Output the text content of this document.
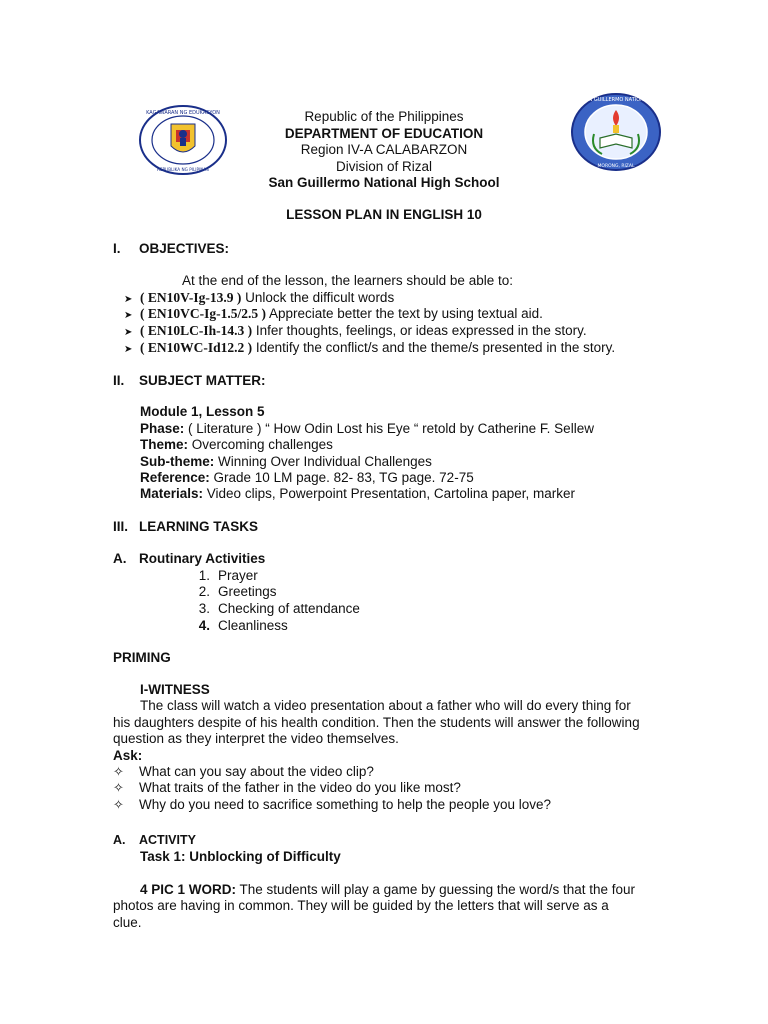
KAGAWARAN NG EDUKASYON
REPUBLIKA NG PILIPINAS
SAN GUILLERMO NATIONAL
MORONG, RIZAL
Republic of the Philippines
DEPARTMENT OF EDUCATION
Region IV-A CALABARZON
Division of Rizal
San Guillermo National High School
LESSON PLAN IN ENGLISH 10
I. OBJECTIVES:
At the end of the lesson, the learners should be able to:
➤ ( EN10V-Ig-13.9 ) Unlock the difficult words
➤ ( EN10VC-Ig-1.5/2.5 ) Appreciate better the text by using textual aid.
➤ ( EN10LC-Ih-14.3 ) Infer thoughts, feelings, or ideas expressed in the story.
➤ ( EN10WC-Id12.2 ) Identify the conflict/s and the theme/s presented in the story.
II. SUBJECT MATTER:
Module 1, Lesson 5
Phase: ( Literature ) “ How Odin Lost his Eye “ retold by Catherine F. Sellew
Theme: Overcoming challenges
Sub-theme: Winning Over Individual Challenges
Reference: Grade 10 LM page. 82- 83, TG page. 72-75
Materials: Video clips, Powerpoint Presentation, Cartolina paper, marker
III. LEARNING TASKS
A. Routinary Activities
1. Prayer
2. Greetings
3. Checking of attendance
4. Cleanliness
PRIMING
I-WITNESS
The class will watch a video presentation about a father who will do every thing for
his daughters despite of his health condition. Then the students will answer the following
question as they interpret the video themselves.
Ask:
✧ What can you say about the video clip?
✧ What traits of the father in the video do you like most?
✧ Why do you need to sacrifice something to help the people you love?
A. ACTIVITY
Task 1: Unblocking of Difficulty
4 PIC 1 WORD: The students will play a game by guessing the word/s that the four
photos are having in common. They will be guided by the letters that will serve as a
clue.
